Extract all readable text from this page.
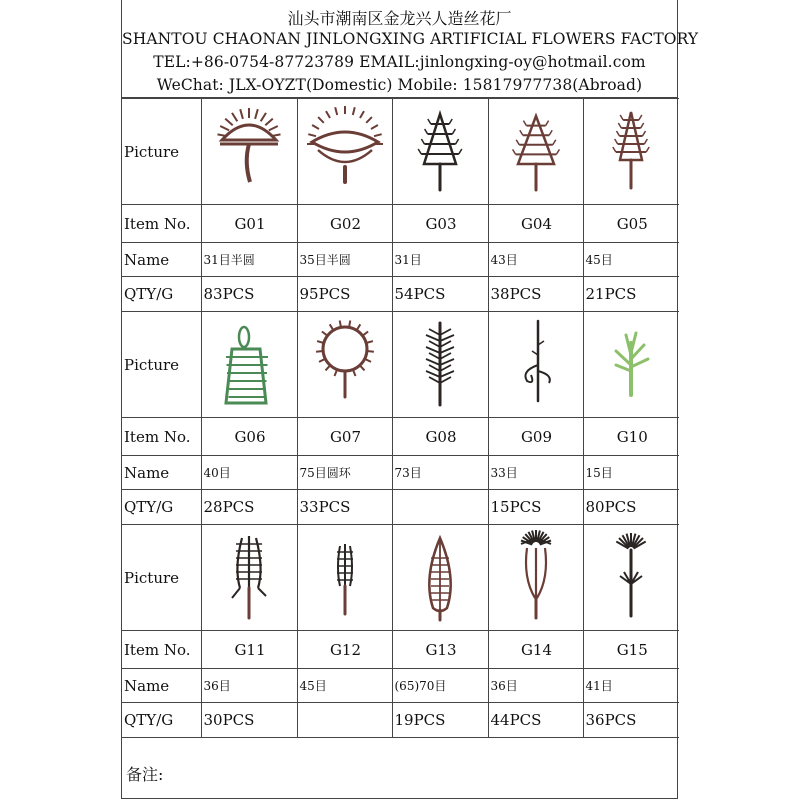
汕头市潮南区金龙兴人造丝花厂
SHANTOU CHAONAN JINLONGXING ARTIFICIAL FLOWERS FACTORY
TEL:+86-0754-87723789 EMAIL:jinlongxing-oy@hotmail.com
WeChat: JLX-OYZT(Domestic) Mobile: 15817977738(Abroad)
Picture	

Item No.	G01	G02	G03	G04	G05
Name	31目半圆	35目半圆	31目	43目	45目
QTY/G	83PCS	95PCS	54PCS	38PCS	21PCS
Picture	

Item No.	G06	G07	G08	G09	G10
Name	40目	75目圆环	73目	33目	15目
QTY/G	28PCS	33PCS		15PCS	80PCS
Picture	

Item No.	G11	G12	G13	G14	G15
Name	36目	45目	(65)70目	36目	41目
QTY/G	30PCS		19PCS	44PCS	36PCS
备注:
